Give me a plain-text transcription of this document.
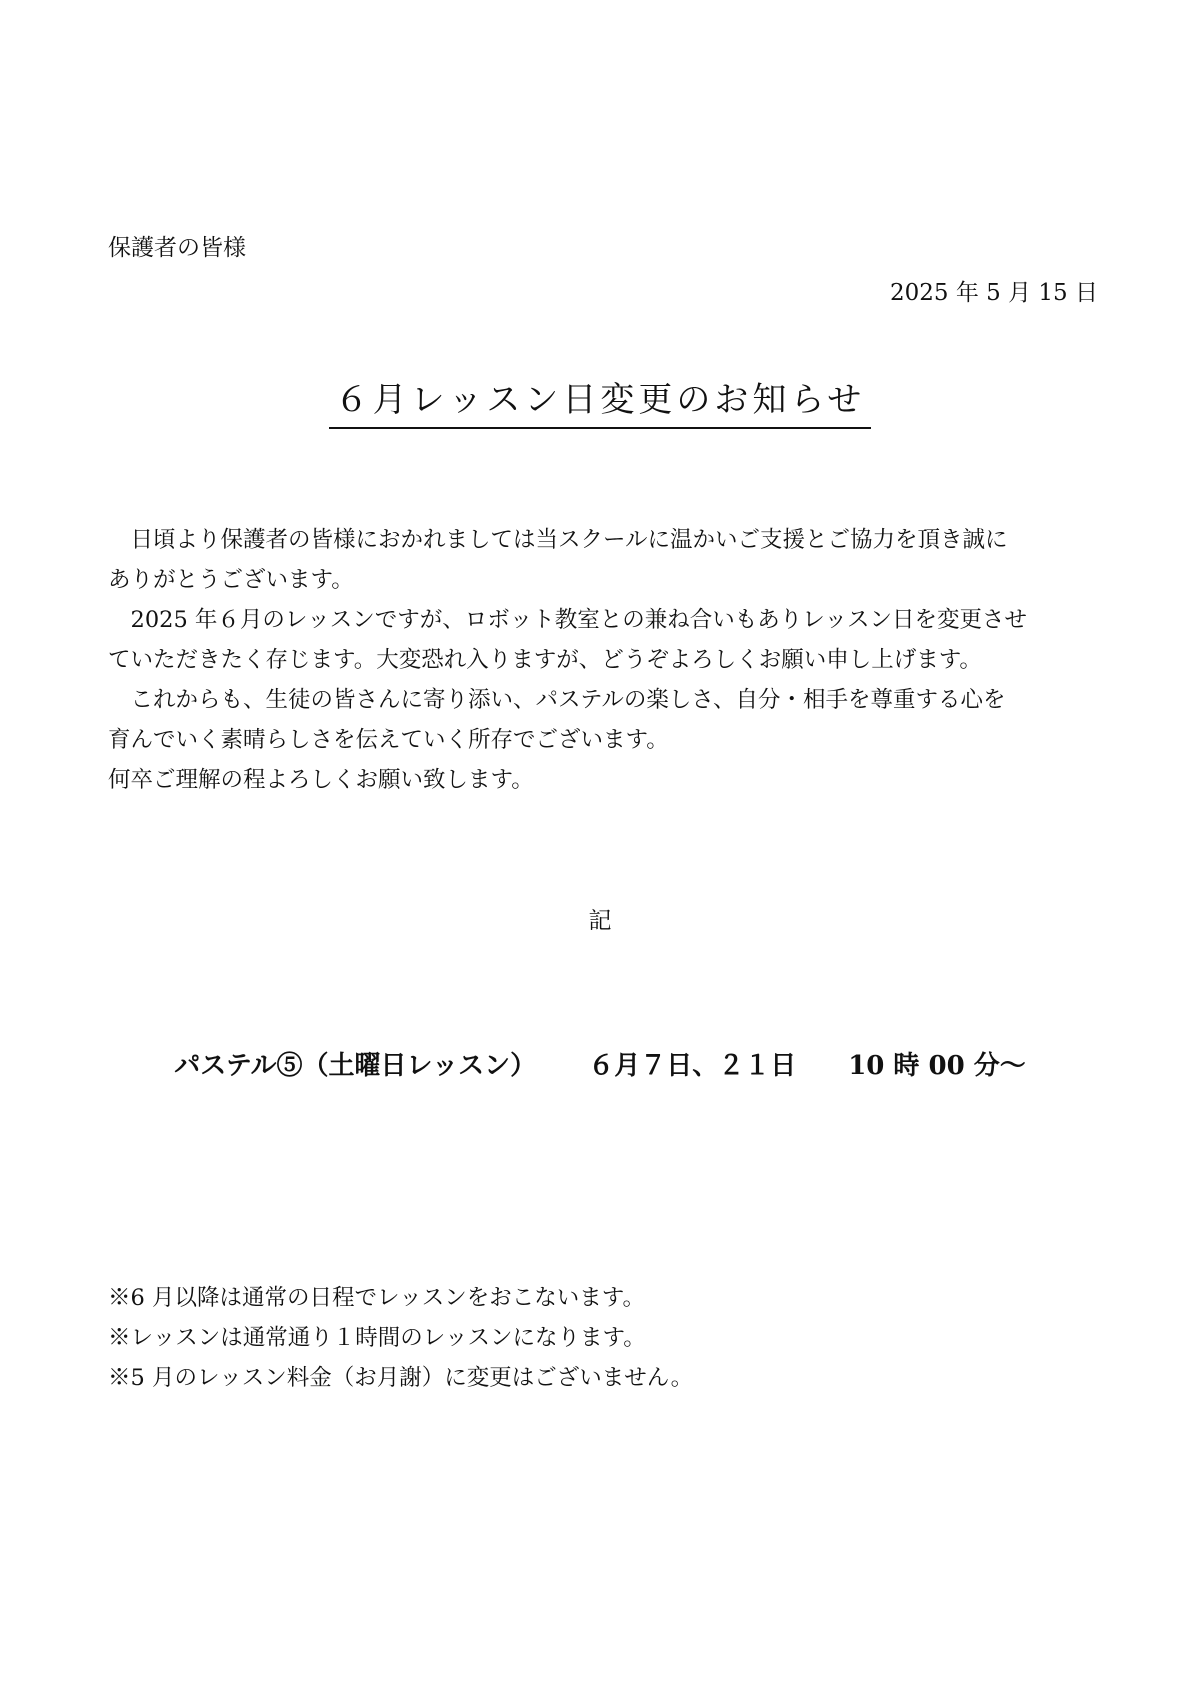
保護者の皆様
2025 年 5 月 15 日
６月レッスン日変更のお知らせ

日頃より保護者の皆様におかれましては当スクールに温かいご支援とご協力を頂き誠に

ありがとうございます。

2025 年６月のレッスンですが、ロボット教室との兼ね合いもありレッスン日を変更させ

ていただきたく存じます。大変恐れ入りますが、どうぞよろしくお願い申し上げます。

これからも、生徒の皆さんに寄り添い、パステルの楽しさ、自分・相手を尊重する心を

育んでいく素晴らしさを伝えていく所存でございます。

何卒ご理解の程よろしくお願い致します。

記
パステル⑤（土曜日レッスン） ６月７日、２１日 10 時 00 分～

※6 月以降は通常の日程でレッスンをおこないます。

※レッスンは通常通り１時間のレッスンになります。

※5 月のレッスン料金（お月謝）に変更はございません。
